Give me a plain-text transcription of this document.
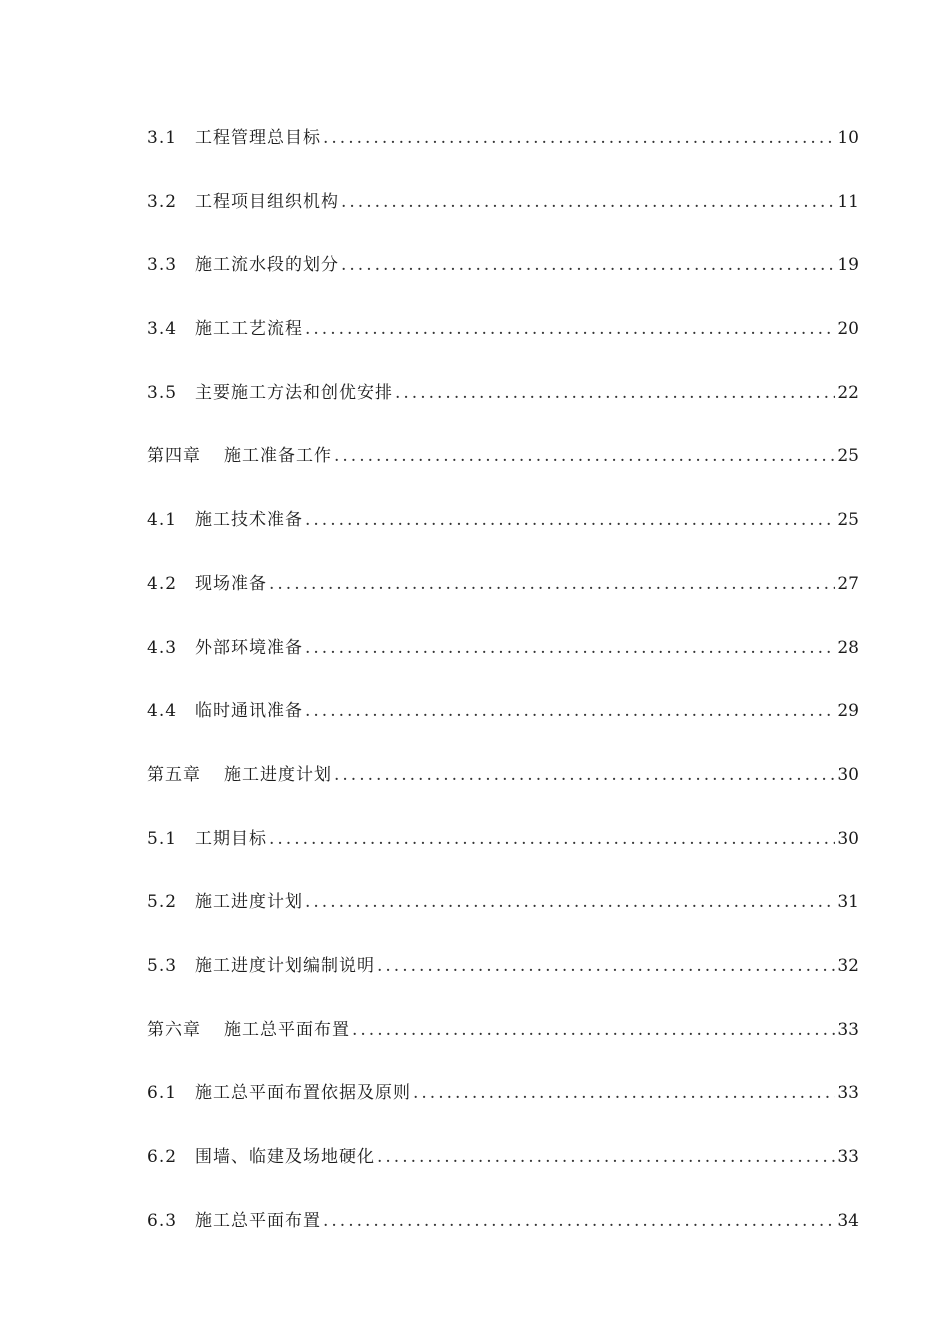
3.1	工程管理总目标 .....	10
3.2	工程项目组织机构 .....	11
3.3	施工流水段的划分 .....	19
3.4	施工工艺流程 .....	20
3.5	主要施工方法和创优安排 .....	22
第四章	施工准备工作 .....	25
4.1	施工技术准备 .....	25
4.2	现场准备 .....	27
4.3	外部环境准备 .....	28
4.4	临时通讯准备 .....	29
第五章	施工进度计划 .....	30
5.1	工期目标 .....	30
5.2	施工进度计划 .....	31
5.3	施工进度计划编制说明 .....	32
第六章	施工总平面布置 .....	33
6.1	施工总平面布置依据及原则 .....	33
6.2	围墙、临建及场地硬化 .....	33
6.3	施工总平面布置 .....	34
